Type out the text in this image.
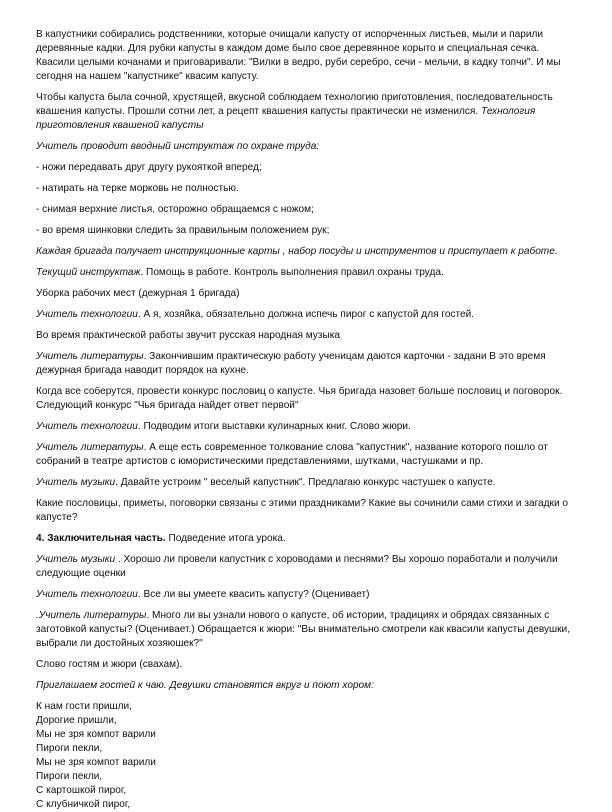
В капустники собирались родственники, которые очищали капусту от испорченных листьев, мыли и парили деревянные кадки. Для рубки капусты в каждом доме было свое деревянное корыто и специальная сечка. Квасили целыми кочанами и приговаривали: "Вилки в ведро, руби серебро, сечи - мельчи, в кадку топчи". И мы сегодня на нашем "капустнике" квасим капусту.

Чтобы капуста была сочной, хрустящей, вкусной соблюдаем технологию приготовления, последовательность квашения капусты. Прошли сотни лет, а рецепт квашения капусты практически не изменился. Технология приготовления квашеной капусты

Учитель проводит вводный инструктаж по охране труда:

- ножи передавать друг другу рукояткой вперед;

- натирать на терке морковь не полностью.

- снимая верхние листья, осторожно обращаемся с ножом;

- во время шинковки следить за правильным положением рук;

Каждая бригада получает инструкционные карты , набор посуды и инструментов и приступает к работе.

Текущий инструктаж. Помощь в работе. Контроль выполнения правил охраны труда.

Уборка рабочих мест (дежурная 1 бригада)

Учитель технологии. А я, хозяйка, обязательно должна испечь пирог с капустой для гостей.

Во время практической работы звучит русская народная музыка

Учитель литературы. Закончившим практическую работу ученицам даются карточки - задани В это время дежурная бригада наводит порядок на кухне.

Когда все соберутся, провести конкурс пословиц о капусте. Чья бригада назовет больше пословиц и поговорок. Следующий конкурс "Чья бригада найдет ответ первой"

Учитель технологии. Подводим итоги выставки кулинарных книг. Слово жюри.

Учитель литературы. А еще есть современное толкование слова "капустник", название которого пошло от собраний в театре артистов с юмористическими представлениями, шутками, частушками и пр.

Учитель музыки. Давайте устроим " веселый капустник". Предлагаю конкурс частушек о капусте.

Какие пословицы, приметы, поговорки связаны с этими праздниками? Какие вы сочинили сами стихи и загадки о капусте?

4. Заключительная часть. Подведение итога урока.

Учитель музыки . Хорошо ли провели капустник с хороводами и песнями? Вы хорошо поработали и получили следующие оценки

Учитель технологии. Все ли вы умеете квасить капусту? (Оценивает)

.Учитель литературы. Много ли вы узнали нового о капусте, об истории, традициях и обрядах связанных с заготовкой капусты? (Оценивает.) Обращается к жюри: "Вы внимательно смотрели как квасили капусты девушки, выбрали ли достойных хозяюшек?"

Слово гостям и жюри (свахам).

Приглашаем гостей к чаю. Девушки становятся вкруг и поют хором:

К нам гости пришли,
Дорогие пришли,
Мы не зря компот варили
Пироги пекли,
Мы не зря компот варили
Пироги пекли,
С картошкой пирог,
С клубничкой пирог,
